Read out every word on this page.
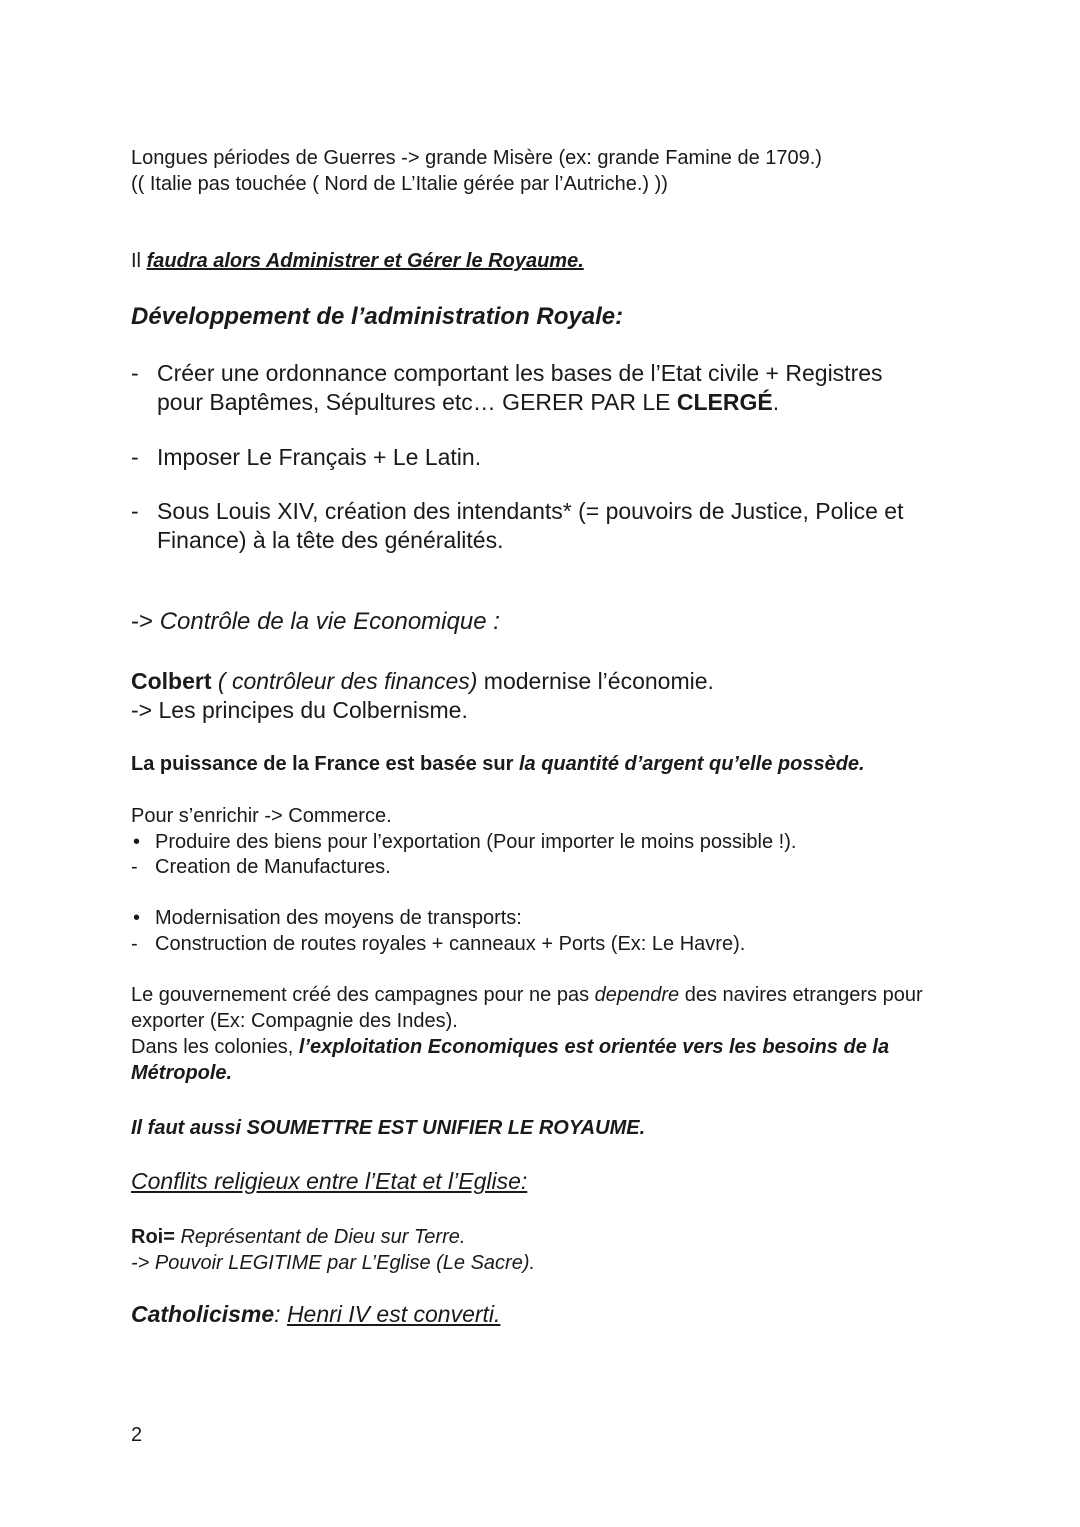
Longues périodes de Guerres -> grande Misère (ex: grande Famine de 1709.)
(( Italie pas touchée ( Nord de L’Italie gérée par l’Autriche.) ))

Il faudra alors Administrer et Gérer le Royaume.

Développement de l’administration Royale:

- Créer une ordonnance comportant les bases de l’Etat civile + Registres pour Baptêmes, Sépultures etc… GERER PAR LE CLERGÉ.
- Imposer Le Français + Le Latin.
- Sous Louis XIV, création des intendants* (= pouvoirs de Justice, Police et Finance) à la tête des généralités.

-> Contrôle de la vie Economique :

Colbert ( contrôleur des finances) modernise l’économie.
-> Les principes du Colbernisme.

La puissance de la France est basée sur la quantité d’argent qu’elle possède.

Pour s’enrichir -> Commerce.

• Produire des biens pour l’exportation (Pour importer le moins possible !).
- Creation de Manufactures.
• Modernisation des moyens de transports:
- Construction de routes royales + canneaux + Ports (Ex: Le Havre).

Le gouvernement créé des campagnes pour ne pas dependre des navires etrangers pour exporter (Ex: Compagnie des Indes).
Dans les colonies, l’exploitation Economiques est orientée vers les besoins de la Métropole.

Il faut aussi SOUMETTRE EST UNIFIER LE ROYAUME.

Conflits religieux entre l’Etat et l’Eglise:

Roi= Représentant de Dieu sur Terre.
-> Pouvoir LEGITIME par L’Eglise (Le Sacre).

Catholicisme: Henri IV est converti.

2
